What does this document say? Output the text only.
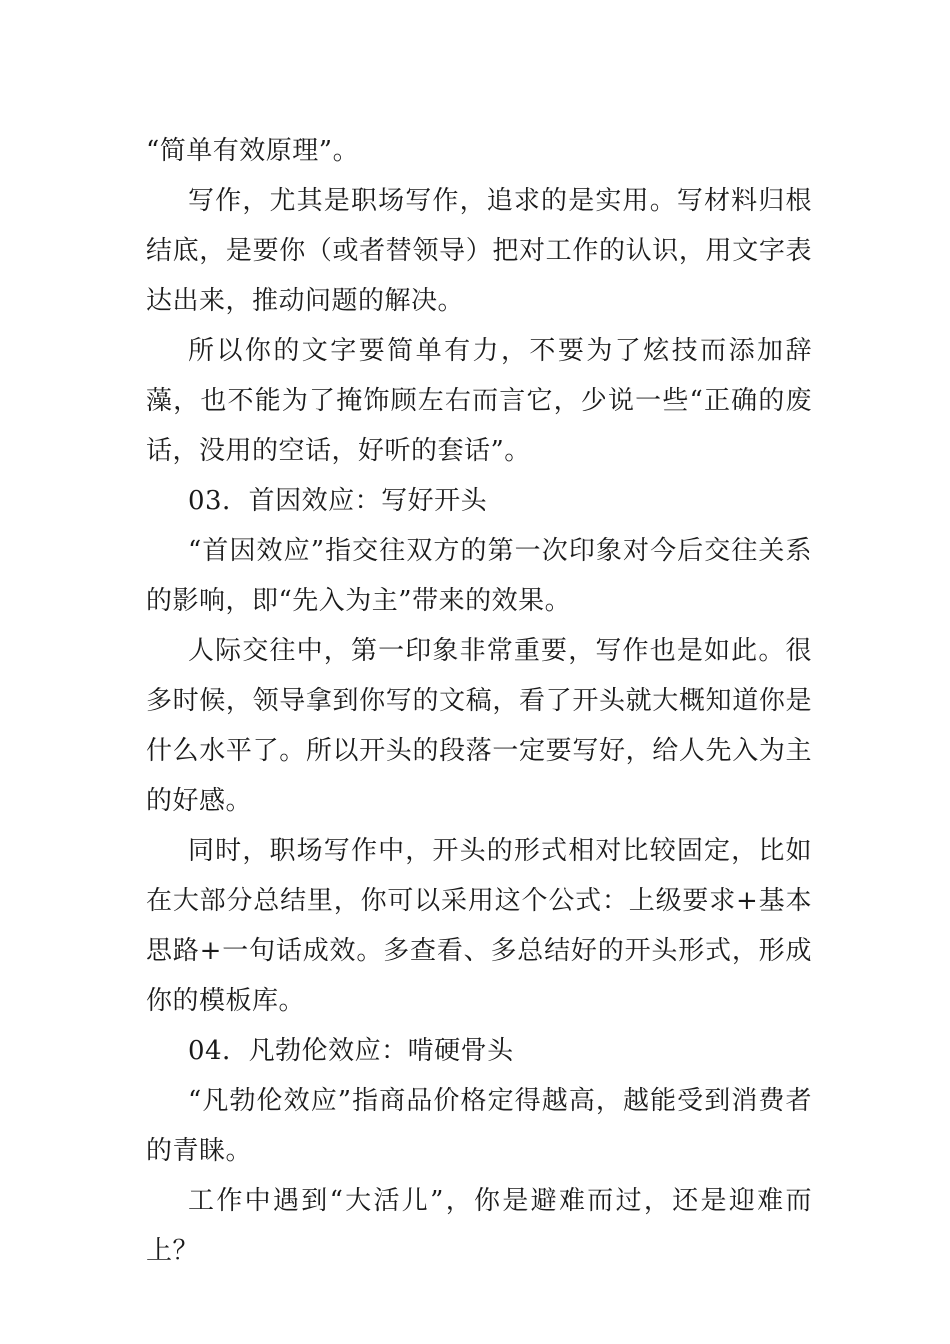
“简单有效原理”。

写作，尤其是职场写作，追求的是实用。写材料归根结底，是要你（或者替领导）把对工作的认识，用文字表达出来，推动问题的解决。

所以你的文字要简单有力，不要为了炫技而添加辞藻，也不能为了掩饰顾左右而言它，少说一些“正确的废话，没用的空话，好听的套话”。

03．首因效应：写好开头

“首因效应”指交往双方的第一次印象对今后交往关系的影响，即“先入为主”带来的效果。

人际交往中，第一印象非常重要，写作也是如此。很多时候，领导拿到你写的文稿，看了开头就大概知道你是什么水平了。所以开头的段落一定要写好，给人先入为主的好感。

同时，职场写作中，开头的形式相对比较固定，比如在大部分总结里，你可以采用这个公式：上级要求+基本思路+一句话成效。多查看、多总结好的开头形式，形成你的模板库。

04．凡勃伦效应：啃硬骨头

“凡勃伦效应”指商品价格定得越高，越能受到消费者的青睐。

工作中遇到“大活儿”，你是避难而过，还是迎难而上？
